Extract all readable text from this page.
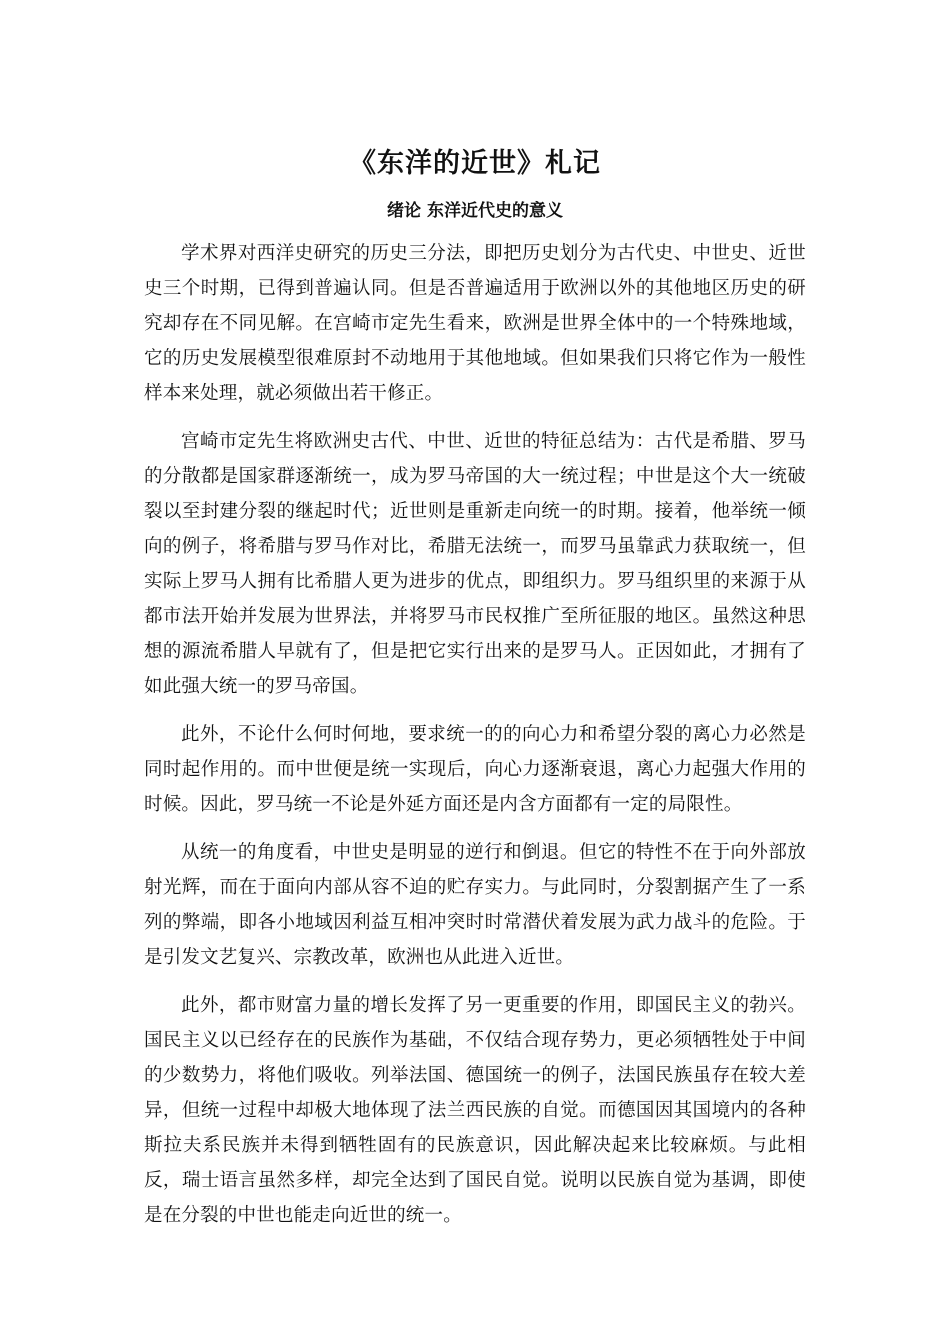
《东洋的近世》札记
绪论 东洋近代史的意义

学术界对西洋史研究的历史三分法，即把历史划分为古代史、中世史、近世史三个时期，已得到普遍认同。但是否普遍适用于欧洲以外的其他地区历史的研究却存在不同见解。在宫崎市定先生看来，欧洲是世界全体中的一个特殊地域，它的历史发展模型很难原封不动地用于其他地域。但如果我们只将它作为一般性样本来处理，就必须做出若干修正。

宫崎市定先生将欧洲史古代、中世、近世的特征总结为：古代是希腊、罗马的分散都是国家群逐渐统一，成为罗马帝国的大一统过程；中世是这个大一统破裂以至封建分裂的继起时代；近世则是重新走向统一的时期。接着，他举统一倾向的例子，将希腊与罗马作对比，希腊无法统一，而罗马虽靠武力获取统一，但实际上罗马人拥有比希腊人更为进步的优点，即组织力。罗马组织里的来源于从都市法开始并发展为世界法，并将罗马市民权推广至所征服的地区。虽然这种思想的源流希腊人早就有了，但是把它实行出来的是罗马人。正因如此，才拥有了如此强大统一的罗马帝国。

此外，不论什么何时何地，要求统一的的向心力和希望分裂的离心力必然是同时起作用的。而中世便是统一实现后，向心力逐渐衰退，离心力起强大作用的时候。因此，罗马统一不论是外延方面还是内含方面都有一定的局限性。

从统一的角度看，中世史是明显的逆行和倒退。但它的特性不在于向外部放射光辉，而在于面向内部从容不迫的贮存实力。与此同时，分裂割据产生了一系列的弊端，即各小地域因利益互相冲突时时常潜伏着发展为武力战斗的危险。于是引发文艺复兴、宗教改革，欧洲也从此进入近世。

此外，都市财富力量的增长发挥了另一更重要的作用，即国民主义的勃兴。国民主义以已经存在的民族作为基础，不仅结合现存势力，更必须牺牲处于中间的少数势力，将他们吸收。列举法国、德国统一的例子，法国民族虽存在较大差异，但统一过程中却极大地体现了法兰西民族的自觉。而德国因其国境内的各种斯拉夫系民族并未得到牺牲固有的民族意识，因此解决起来比较麻烦。与此相反，瑞士语言虽然多样，却完全达到了国民自觉。说明以民族自觉为基调，即使是在分裂的中世也能走向近世的统一。
